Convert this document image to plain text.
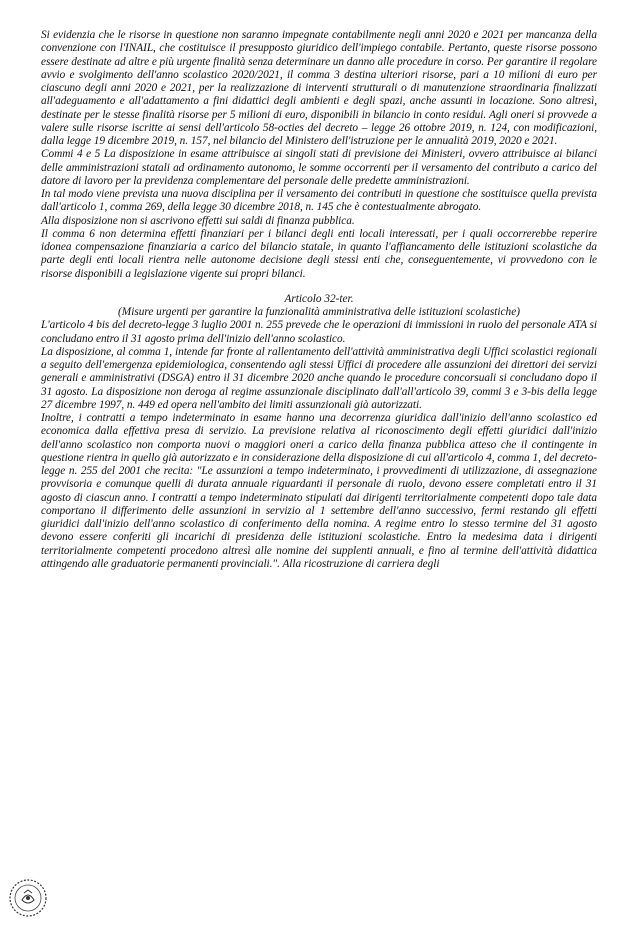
Si evidenzia che le risorse in questione non saranno impegnate contabilmente negli anni 2020 e 2021 per mancanza della convenzione con l'INAIL, che costituisce il presupposto giuridico dell'impiego contabile. Pertanto, queste risorse possono essere destinate ad altre e più urgente finalità senza determinare un danno alle procedure in corso. Per garantire il regolare avvio e svolgimento dell'anno scolastico 2020/2021, il comma 3 destina ulteriori risorse, pari a 10 milioni di euro per ciascuno degli anni 2020 e 2021, per la realizzazione di interventi strutturali o di manutenzione straordinaria finalizzati all'adeguamento e all'adattamento a fini didattici degli ambienti e degli spazi, anche assunti in locazione. Sono altresì, destinate per le stesse finalità risorse per 5 milioni di euro, disponibili in bilancio in conto residui. Agli oneri si provvede a valere sulle risorse iscritte ai sensi dell'articolo 58-octies del decreto – legge 26 ottobre 2019, n. 124, con modificazioni, dalla legge 19 dicembre 2019, n. 157, nel bilancio del Ministero dell'istruzione per le annualità 2019, 2020 e 2021.

Commi 4 e 5 La disposizione in esame attribuisce ai singoli stati di previsione dei Ministeri, ovvero attribuisce ai bilanci delle amministrazioni statali ad ordinamento autonomo, le somme occorrenti per il versamento del contributo a carico del datore di lavoro per la previdenza complementare del personale delle predette amministrazioni.

In tal modo viene prevista una nuova disciplina per il versamento dei contributi in questione che sostituisce quella prevista dall'articolo 1, comma 269, della legge 30 dicembre 2018, n. 145 che è contestualmente abrogato.

Alla disposizione non si ascrivono effetti sui saldi di finanza pubblica.

Il comma 6 non determina effetti finanziari per i bilanci degli enti locali interessati, per i quali occorrerebbe reperire idonea compensazione finanziaria a carico del bilancio statale, in quanto l'affiancamento delle istituzioni scolastiche da parte degli enti locali rientra nelle autonome decisione degli stessi enti che, conseguentemente, vi provvedono con le risorse disponibili a legislazione vigente sui propri bilanci.

Articolo 32-ter.

(Misure urgenti per garantire la funzionalità amministrativa delle istituzioni scolastiche)

L'articolo 4 bis del decreto-legge 3 luglio 2001 n. 255 prevede che le operazioni di immissioni in ruolo del personale ATA si concludano entro il 31 agosto prima dell'inizio dell'anno scolastico.

La disposizione, al comma 1, intende far fronte al rallentamento dell'attività amministrativa degli Uffici scolastici regionali a seguito dell'emergenza epidemiologica, consentendo agli stessi Uffici di procedere alle assunzioni dei direttori dei servizi generali e amministrativi (DSGA) entro il 31 dicembre 2020 anche quando le procedure concorsuali si concludano dopo il 31 agosto. La disposizione non deroga al regime assunzionale disciplinato dall'all'articolo 39, commi 3 e 3-bis della legge 27 dicembre 1997, n. 449 ed opera nell'ambito dei limiti assunzionali già autorizzati.

Inoltre, i contratti a tempo indeterminato in esame hanno una decorrenza giuridica dall'inizio dell'anno scolastico ed economica dalla effettiva presa di servizio. La previsione relativa al riconoscimento degli effetti giuridici dall'inizio dell'anno scolastico non comporta nuovi o maggiori oneri a carico della finanza pubblica atteso che il contingente in questione rientra in quello già autorizzato e in considerazione della disposizione di cui all'articolo 4, comma 1, del decreto- legge n. 255 del 2001 che recita: "Le assunzioni a tempo indeterminato, i provvedimenti di utilizzazione, di assegnazione provvisoria e comunque quelli di durata annuale riguardanti il personale di ruolo, devono essere completati entro il 31 agosto di ciascun anno. I contratti a tempo indeterminato stipulati dai dirigenti territorialmente competenti dopo tale data comportano il differimento delle assunzioni in servizio al 1 settembre dell'anno successivo, fermi restando gli effetti giuridici dall'inizio dell'anno scolastico di conferimento della nomina. A regime entro lo stesso termine del 31 agosto devono essere conferiti gli incarichi di presidenza delle istituzioni scolastiche. Entro la medesima data i dirigenti territorialmente competenti procedono altresì alle nomine dei supplenti annuali, e fino al termine dell'attività didattica attingendo alle graduatorie permanenti provinciali.". Alla ricostruzione di carriera degli
